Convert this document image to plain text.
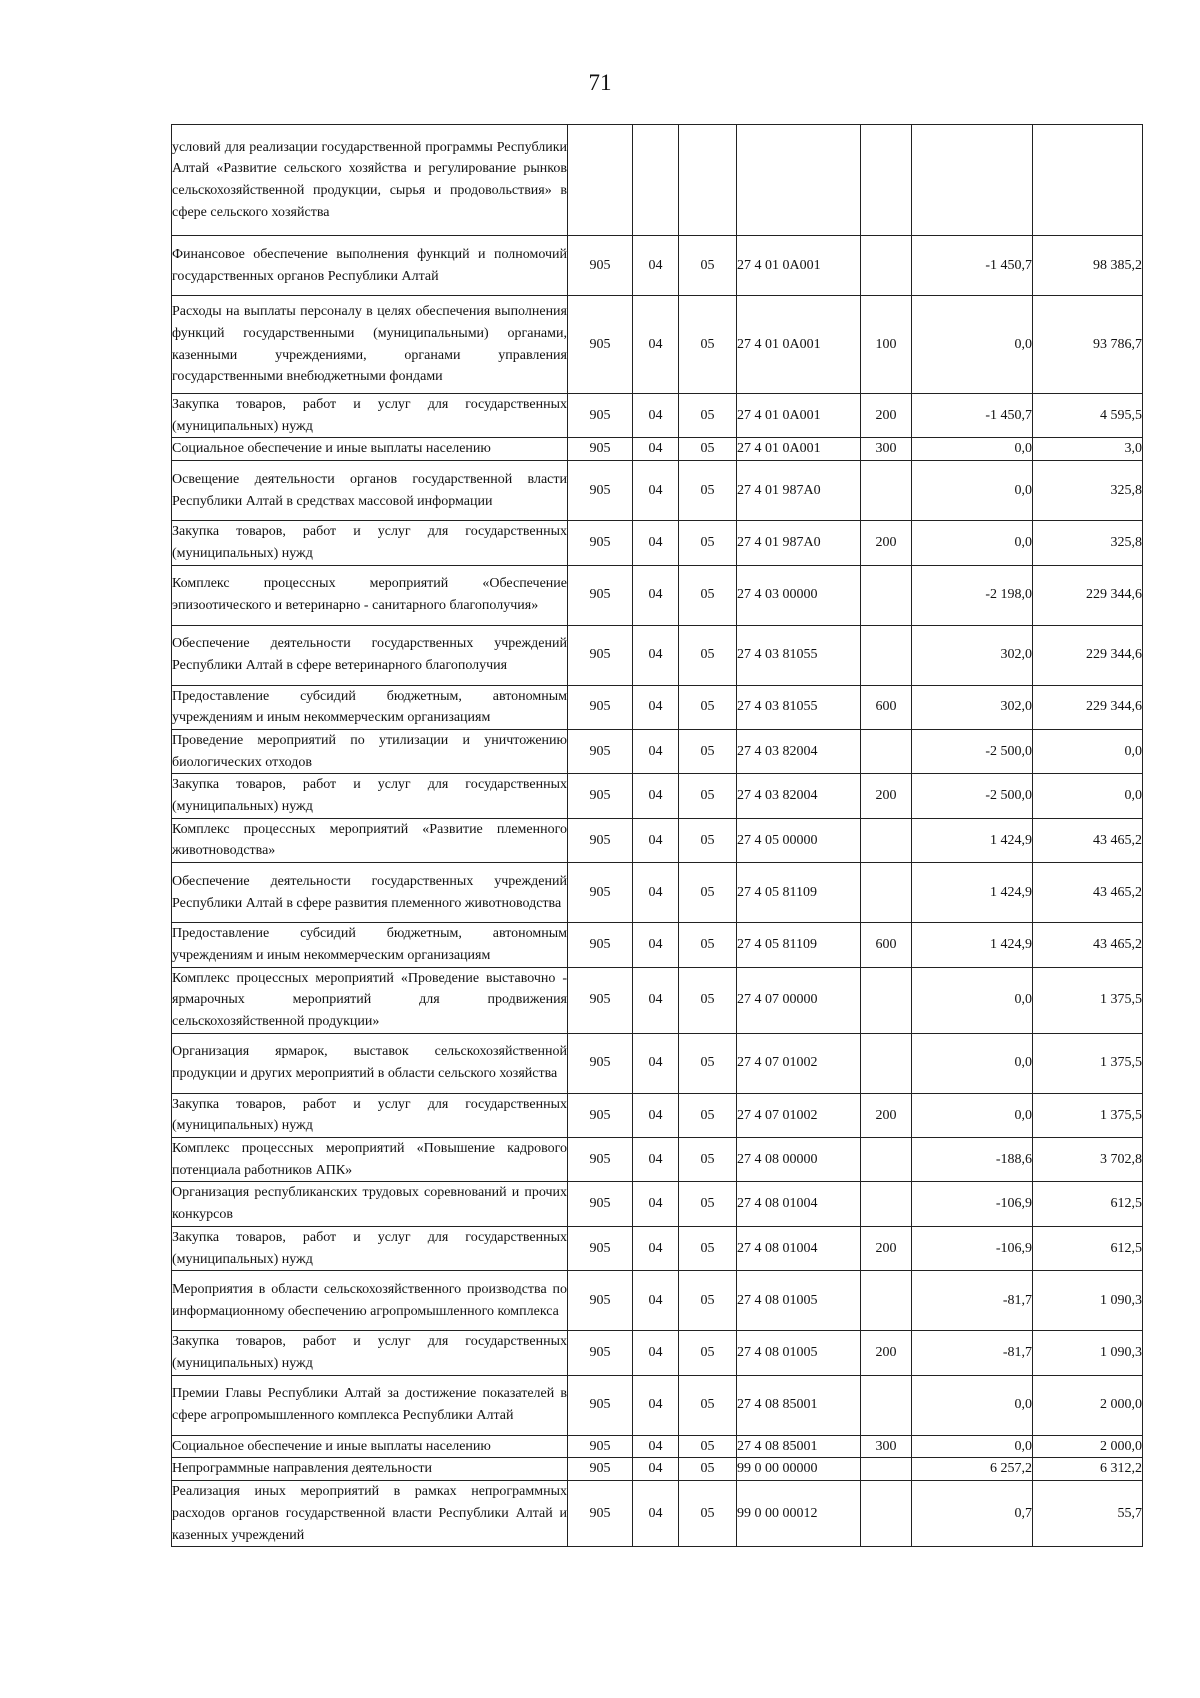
71
условий для реализации государственной программы Республики Алтай «Развитие сельского хозяйства и регулирование рынков сельскохозяйственной продукции, сырья и продовольствия» в сфере сельского хозяйства							
Финансовое обеспечение выполнения функций и полномочий государственных органов Республики Алтай	905	04	05	27 4 01 0А001		-1 450,7	98 385,2
Расходы на выплаты персоналу в целях обеспечения выполнения функций государственными (муниципальными) органами, казенными учреждениями, органами управления государственными внебюджетными фондами	905	04	05	27 4 01 0А001	100	0,0	93 786,7
Закупка товаров, работ и услуг для государственных (муниципальных) нужд	905	04	05	27 4 01 0А001	200	-1 450,7	4 595,5
Социальное обеспечение и иные выплаты населению	905	04	05	27 4 01 0А001	300	0,0	3,0
Освещение деятельности органов государственной власти Республики Алтай в средствах массовой информации	905	04	05	27 4 01 987А0		0,0	325,8
Закупка товаров, работ и услуг для государственных (муниципальных) нужд	905	04	05	27 4 01 987А0	200	0,0	325,8
Комплекс процессных мероприятий «Обеспечение эпизоотического и ветеринарно - санитарного благополучия»	905	04	05	27 4 03 00000		-2 198,0	229 344,6
Обеспечение деятельности государственных учреждений Республики Алтай в сфере ветеринарного благополучия	905	04	05	27 4 03 81055		302,0	229 344,6
Предоставление субсидий бюджетным, автономным учреждениям и иным некоммерческим организациям	905	04	05	27 4 03 81055	600	302,0	229 344,6
Проведение мероприятий по утилизации и уничтожению биологических отходов	905	04	05	27 4 03 82004		-2 500,0	0,0
Закупка товаров, работ и услуг для государственных (муниципальных) нужд	905	04	05	27 4 03 82004	200	-2 500,0	0,0
Комплекс процессных мероприятий «Развитие племенного животноводства»	905	04	05	27 4 05 00000		1 424,9	43 465,2
Обеспечение деятельности государственных учреждений Республики Алтай в сфере развития племенного животноводства	905	04	05	27 4 05 81109		1 424,9	43 465,2
Предоставление субсидий бюджетным, автономным учреждениям и иным некоммерческим организациям	905	04	05	27 4 05 81109	600	1 424,9	43 465,2
Комплекс процессных мероприятий «Проведение выставочно - ярмарочных мероприятий для продвижения сельскохозяйственной продукции»	905	04	05	27 4 07 00000		0,0	1 375,5
Организация ярмарок, выставок сельскохозяйственной продукции и других мероприятий в области сельского хозяйства	905	04	05	27 4 07 01002		0,0	1 375,5
Закупка товаров, работ и услуг для государственных (муниципальных) нужд	905	04	05	27 4 07 01002	200	0,0	1 375,5
Комплекс процессных мероприятий «Повышение кадрового потенциала работников АПК»	905	04	05	27 4 08 00000		-188,6	3 702,8
Организация республиканских трудовых соревнований и прочих конкурсов	905	04	05	27 4 08 01004		-106,9	612,5
Закупка товаров, работ и услуг для государственных (муниципальных) нужд	905	04	05	27 4 08 01004	200	-106,9	612,5
Мероприятия в области сельскохозяйственного производства по информационному обеспечению агропромышленного комплекса	905	04	05	27 4 08 01005		-81,7	1 090,3
Закупка товаров, работ и услуг для государственных (муниципальных) нужд	905	04	05	27 4 08 01005	200	-81,7	1 090,3
Премии Главы Республики Алтай за достижение показателей в сфере агропромышленного комплекса Республики Алтай	905	04	05	27 4 08 85001		0,0	2 000,0
Социальное обеспечение и иные выплаты населению	905	04	05	27 4 08 85001	300	0,0	2 000,0
Непрограммные направления деятельности	905	04	05	99 0 00 00000		6 257,2	6 312,2
Реализация иных мероприятий в рамках непрограммных расходов органов государственной власти Республики Алтай и казенных учреждений	905	04	05	99 0 00 00012		0,7	55,7
